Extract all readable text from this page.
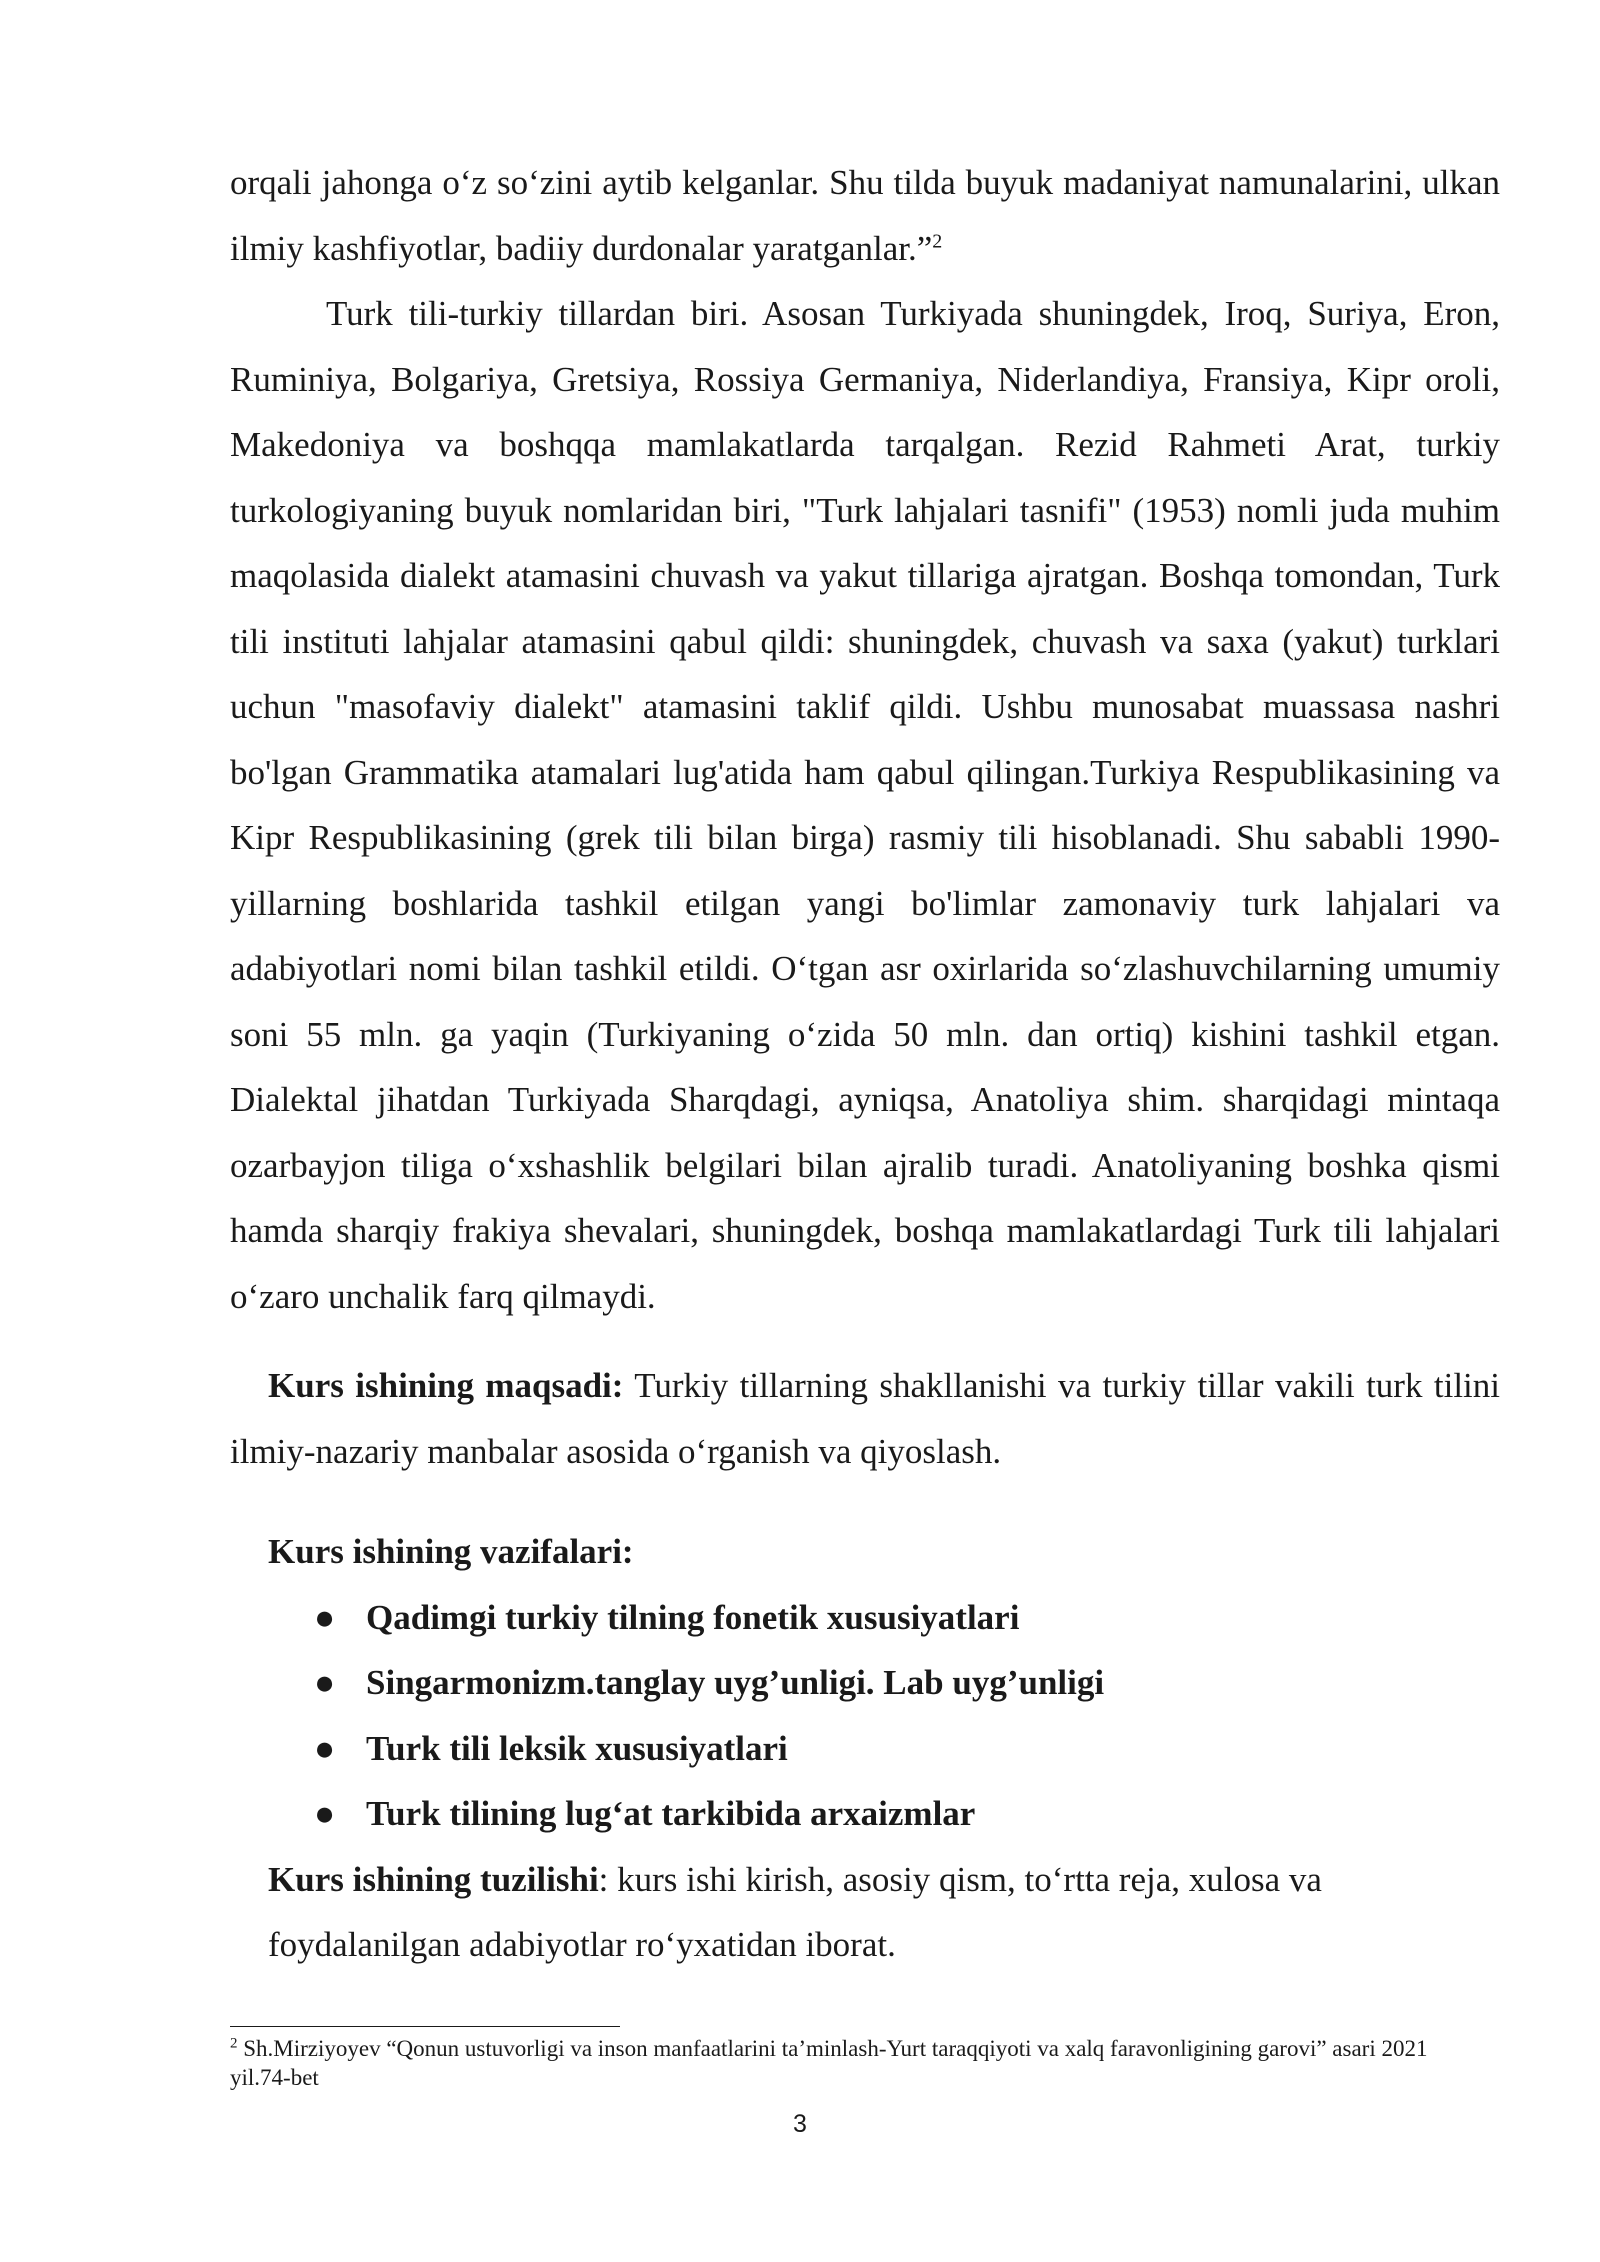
orqali jahonga o‘z so‘zini aytib kelganlar. Shu tilda buyuk madaniyat namunalarini, ulkan ilmiy kashfiyotlar, badiiy durdonalar yaratganlar.”$^2$

Turk tili-turkiy tillardan biri. Asosan Turkiyada shuningdek, Iroq, Suriya, Eron, Ruminiya, Bolgariya, Gretsiya, Rossiya Germaniya, Niderlandiya, Fransiya, Kipr oroli, Makedoniya va boshqqa mamlakatlarda tarqalgan. Rezid Rahmeti Arat, turkiy turkologiyaning buyuk nomlaridan biri, "Turk lahjalari tasnifi" (1953) nomli juda muhim maqolasida dialekt atamasini chuvash va yakut tillariga ajratgan. Boshqa tomondan, Turk tili instituti lahjalar atamasini qabul qildi: shuningdek, chuvash va saxa (yakut) turklari uchun "masofaviy dialekt" atamasini taklif qildi. Ushbu munosabat muassasa nashri bo'lgan Grammatika atamalari lug'atida ham qabul qilingan.Turkiya Respublikasining va Kipr Respublikasining (grek tili bilan birga) rasmiy tili hisoblanadi. Shu sababli 1990-yillarning boshlarida tashkil etilgan yangi bo'limlar zamonaviy turk lahjalari va adabiyotlari nomi bilan tashkil etildi. O‘tgan asr oxirlarida so‘zlashuvchilarning umumiy soni 55 mln. ga yaqin (Turkiyaning o‘zida 50 mln. dan ortiq) kishini tashkil etgan. Dialektal jihatdan Turkiyada Sharqdagi, ayniqsa, Anatoliya shim. sharqidagi mintaqa ozarbayjon tiliga o‘xshashlik belgilari bilan ajralib turadi. Anatoliyaning boshka qismi hamda sharqiy frakiya shevalari, shuningdek, boshqa mamlakatlardagi Turk tili lahjalari o‘zaro unchalik farq qilmaydi.

Kurs ishining maqsadi: Turkiy tillarning shakllanishi va turkiy tillar vakili turk tilini ilmiy-nazariy manbalar asosida o‘rganish va qiyoslash.

Kurs ishining vazifalari:

● Qadimgi turkiy tilning fonetik xususiyatlari
● Singarmonizm.tanglay uyg’unligi. Lab uyg’unligi
● Turk tili leksik xususiyatlari
● Turk tilining lug‘at tarkibida arxaizmlar

Kurs ishining tuzilishi: kurs ishi kirish, asosiy qism, to‘rtta reja, xulosa va foydalanilgan adabiyotlar ro‘yxatidan iborat.

$^2$ Sh.Mirziyoyev “Qonun ustuvorligi va inson manfaatlarini ta’minlash-Yurt taraqqiyoti va xalq faravonligining garovi” asari 2021 yil.74-bet

3
